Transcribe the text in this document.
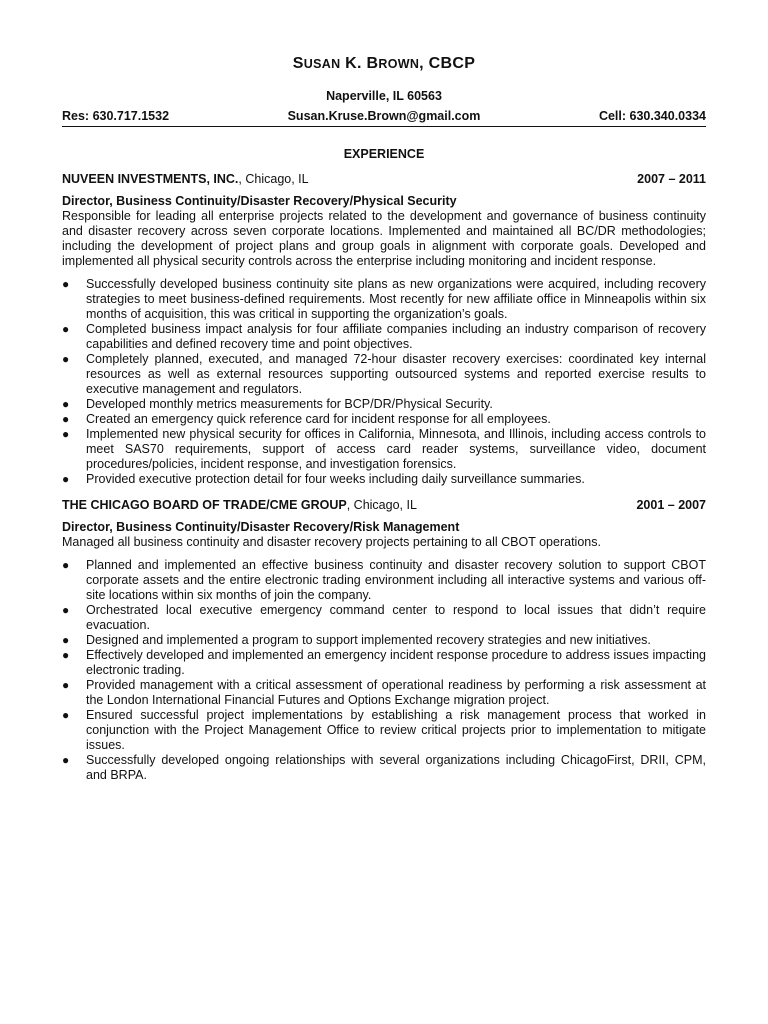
SUSAN K. BROWN, CBCP
Naperville, IL 60563
Res: 630.717.1532	Susan.Kruse.Brown@gmail.com	Cell: 630.340.0334
EXPERIENCE
NUVEEN INVESTMENTS, INC., Chicago, IL	2007 – 2011
Director, Business Continuity/Disaster Recovery/Physical Security
Responsible for leading all enterprise projects related to the development and governance of business continuity and disaster recovery across seven corporate locations. Implemented and maintained all BC/DR methodologies; including the development of project plans and group goals in alignment with corporate goals. Developed and implemented all physical security controls across the enterprise including monitoring and incident response.
● Successfully developed business continuity site plans as new organizations were acquired, including recovery strategies to meet business-defined requirements. Most recently for new affiliate office in Minneapolis within six months of acquisition, this was critical in supporting the organization’s goals.
● Completed business impact analysis for four affiliate companies including an industry comparison of recovery capabilities and defined recovery time and point objectives.
● Completely planned, executed, and managed 72-hour disaster recovery exercises: coordinated key internal resources as well as external resources supporting outsourced systems and reported exercise results to executive management and regulators.
● Developed monthly metrics measurements for BCP/DR/Physical Security.
● Created an emergency quick reference card for incident response for all employees.
● Implemented new physical security for offices in California, Minnesota, and Illinois, including access controls to meet SAS70 requirements, support of access card reader systems, surveillance video, document procedures/policies, incident response, and investigation forensics.
● Provided executive protection detail for four weeks including daily surveillance summaries.
THE CHICAGO BOARD OF TRADE/CME GROUP, Chicago, IL	2001 – 2007
Director, Business Continuity/Disaster Recovery/Risk Management
Managed all business continuity and disaster recovery projects pertaining to all CBOT operations.
● Planned and implemented an effective business continuity and disaster recovery solution to support CBOT corporate assets and the entire electronic trading environment including all interactive systems and various off-site locations within six months of join the company.
● Orchestrated local executive emergency command center to respond to local issues that didn’t require evacuation.
● Designed and implemented a program to support implemented recovery strategies and new initiatives.
● Effectively developed and implemented an emergency incident response procedure to address issues impacting electronic trading.
● Provided management with a critical assessment of operational readiness by performing a risk assessment at the London International Financial Futures and Options Exchange migration project.
● Ensured successful project implementations by establishing a risk management process that worked in conjunction with the Project Management Office to review critical projects prior to implementation to mitigate issues.
● Successfully developed ongoing relationships with several organizations including ChicagoFirst, DRII, CPM, and BRPA.
